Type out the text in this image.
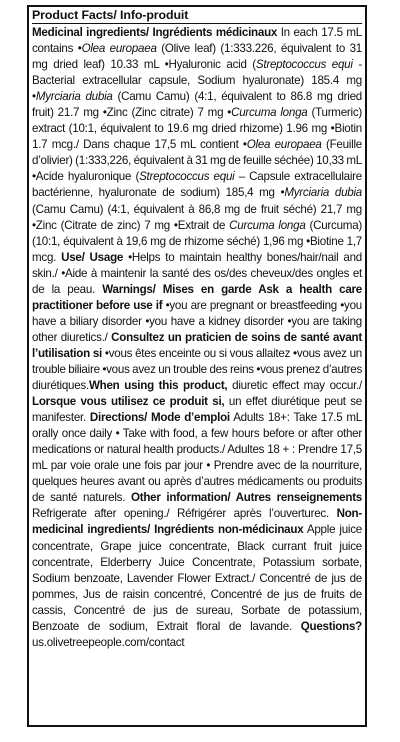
Product Facts/ Info-produit
Medicinal ingredients/ Ingrédients médicinaux In each 17.5 mL contains •Olea europaea (Olive leaf) (1:333.226, équivalent to 31 mg dried leaf) 10.33 mL •Hyaluronic acid (Streptococcus equi - Bacterial extracellular capsule, Sodium hyaluronate) 185.4 mg •Myrciaria dubia (Camu Camu) (4:1, équivalent to 86.8 mg dried fruit) 21.7 mg •Zinc (Zinc citrate) 7 mg •Curcuma longa (Turmeric) extract (10:1, équivalent to 19.6 mg dried rhizome) 1.96 mg •Biotin 1.7 mcg./ Dans chaque 17,5 mL contient •Olea europaea (Feuille d’olivier) (1:333,226, équivalent à 31 mg de feuille séchée) 10,33 mL •Acide hyaluronique (Streptococcus equi – Capsule extracellulaire bactérienne, hyaluronate de sodium) 185,4 mg •Myrciaria dubia (Camu Camu) (4:1, équivalent à 86,8 mg de fruit séché) 21,7 mg •Zinc (Citrate de zinc) 7 mg •Extrait de Curcuma longa (Curcuma) (10:1, équivalent à 19,6 mg de rhizome séché) 1,96 mg •Biotine 1,7 mcg. Use/ Usage •Helps to maintain healthy bones/hair/nail and skin./ •Aide à maintenir la santé des os/des cheveux/des ongles et de la peau. Warnings/ Mises en garde Ask a health care practitioner before use if •you are pregnant or breastfeeding •you have a biliary disorder •you have a kidney disorder •you are taking other diuretics./ Consultez un praticien de soins de santé avant l’utilisation si •vous êtes enceinte ou si vous allaitez •vous avez un trouble biliaire •vous avez un trouble des reins •vous prenez d’autres diurétiques.When using this product, diuretic effect may occur./ Lorsque vous utilisez ce produit si, un effet diurétique peut se manifester. Directions/ Mode d’emploi Adults 18+: Take 17.5 mL orally once daily • Take with food, a few hours before or after other medications or natural health products./ Adultes 18 + : Prendre 17,5 mL par voie orale une fois par jour • Prendre avec de la nourriture, quelques heures avant ou après d’autres médicaments ou produits de santé naturels. Other information/ Autres renseignements Refrigerate after opening./ Réfrigérer après l’ouverturec. Non-medicinal ingredients/ Ingrédients non-médicinaux Apple juice concentrate, Grape juice concentrate, Black currant fruit juice concentrate, Elderberry Juice Concentrate, Potassium sorbate, Sodium benzoate, Lavender Flower Extract./ Concentré de jus de pommes, Jus de raisin concentré, Concentré de jus de fruits de cassis, Concentré de jus de sureau, Sorbate de potassium, Benzoate de sodium, Extrait floral de lavande. Questions? us.olivetreepeople.com/contact
